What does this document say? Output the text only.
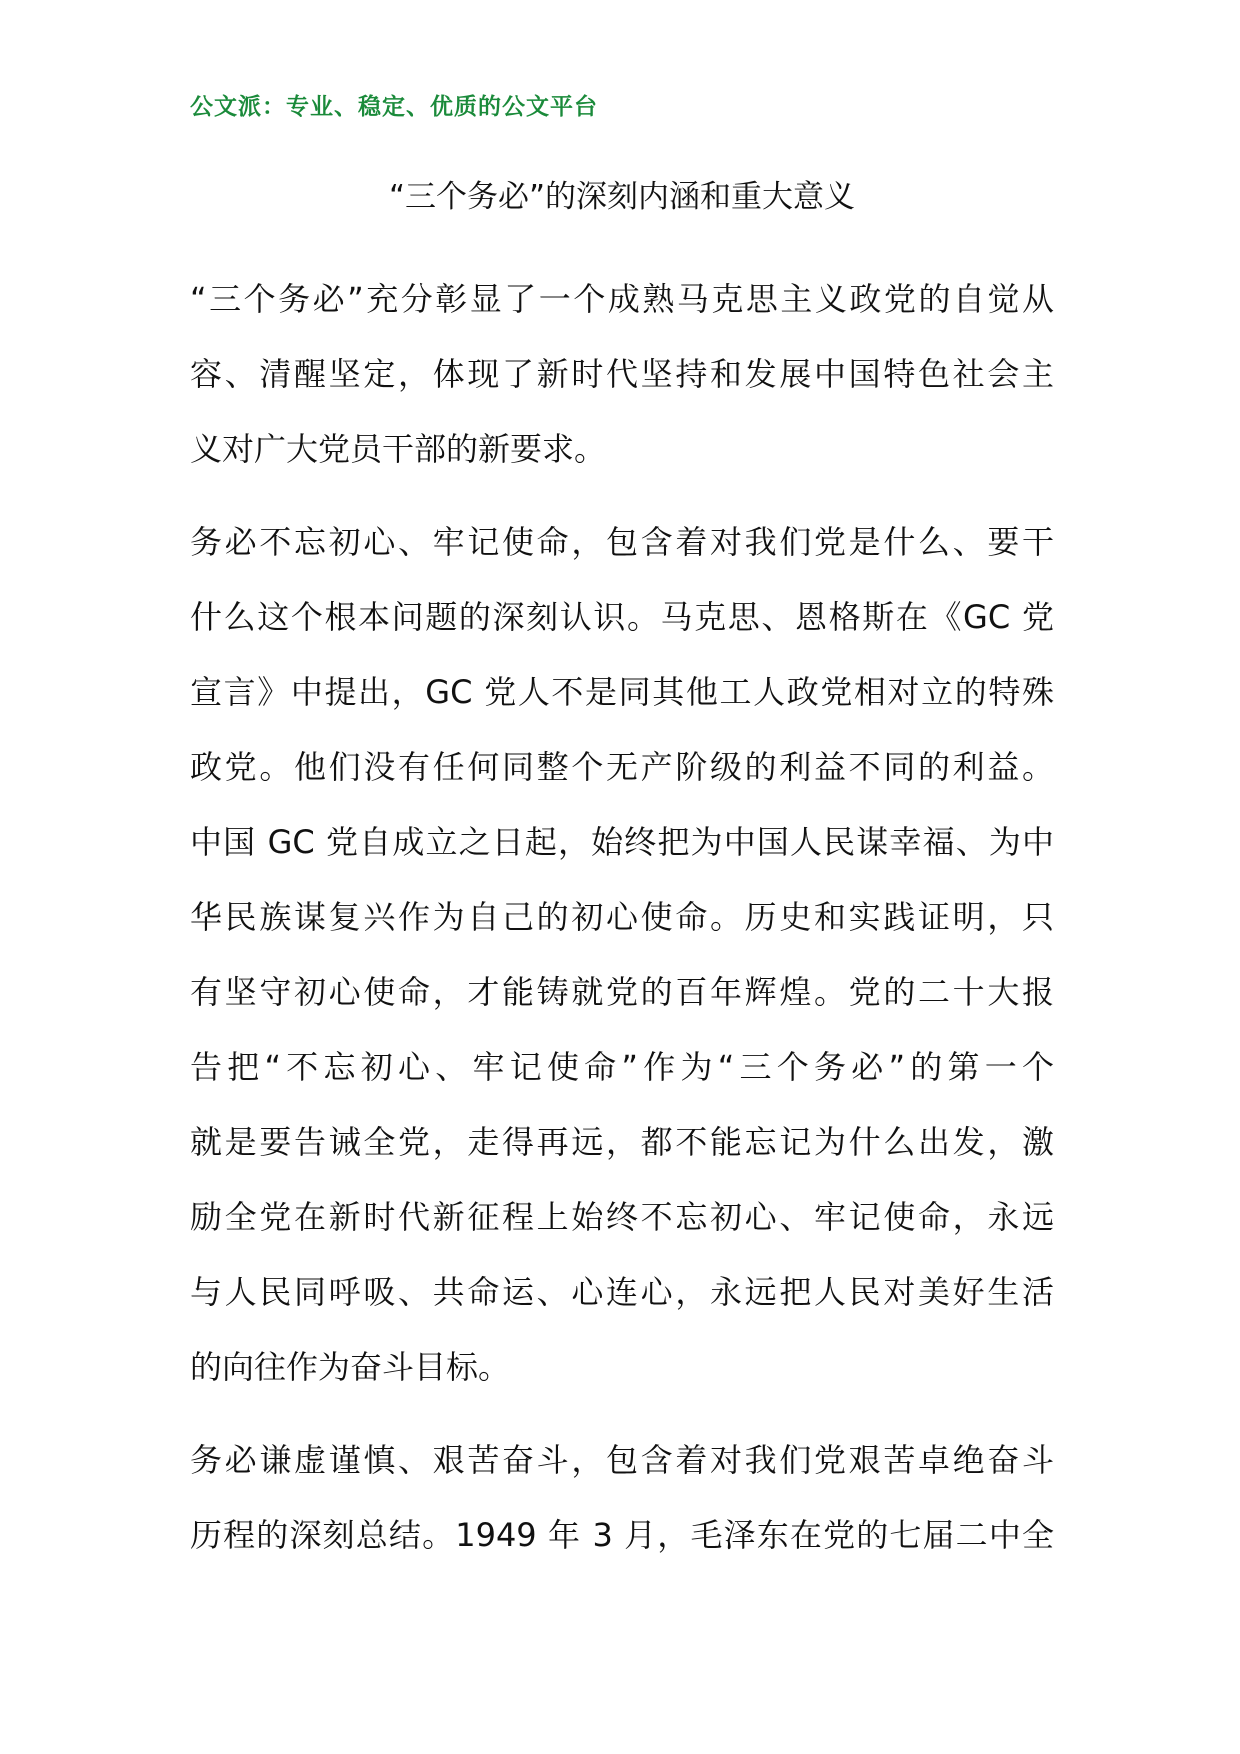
公文派：专业、稳定、优质的公文平台
“三个务必”的深刻内涵和重大意义
“三个务必”充分彰显了一个成熟马克思主义政党的自觉从
容、清醒坚定，体现了新时代坚持和发展中国特色社会主
义对广大党员干部的新要求。
务必不忘初心、牢记使命，包含着对我们党是什么、要干
什么这个根本问题的深刻认识。马克思、恩格斯在《GC 党
宣言》中提出，GC 党人不是同其他工人政党相对立的特殊
政党。他们没有任何同整个无产阶级的利益不同的利益。
中国 GC 党自成立之日起，始终把为中国人民谋幸福、为中
华民族谋复兴作为自己的初心使命。历史和实践证明，只
有坚守初心使命，才能铸就党的百年辉煌。党的二十大报
告把“不忘初心、牢记使命”作为“三个务必”的第一个
就是要告诫全党，走得再远，都不能忘记为什么出发，激
励全党在新时代新征程上始终不忘初心、牢记使命，永远
与人民同呼吸、共命运、心连心，永远把人民对美好生活
的向往作为奋斗目标。
务必谦虚谨慎、艰苦奋斗，包含着对我们党艰苦卓绝奋斗
历程的深刻总结。1949 年 3 月，毛泽东在党的七届二中全
